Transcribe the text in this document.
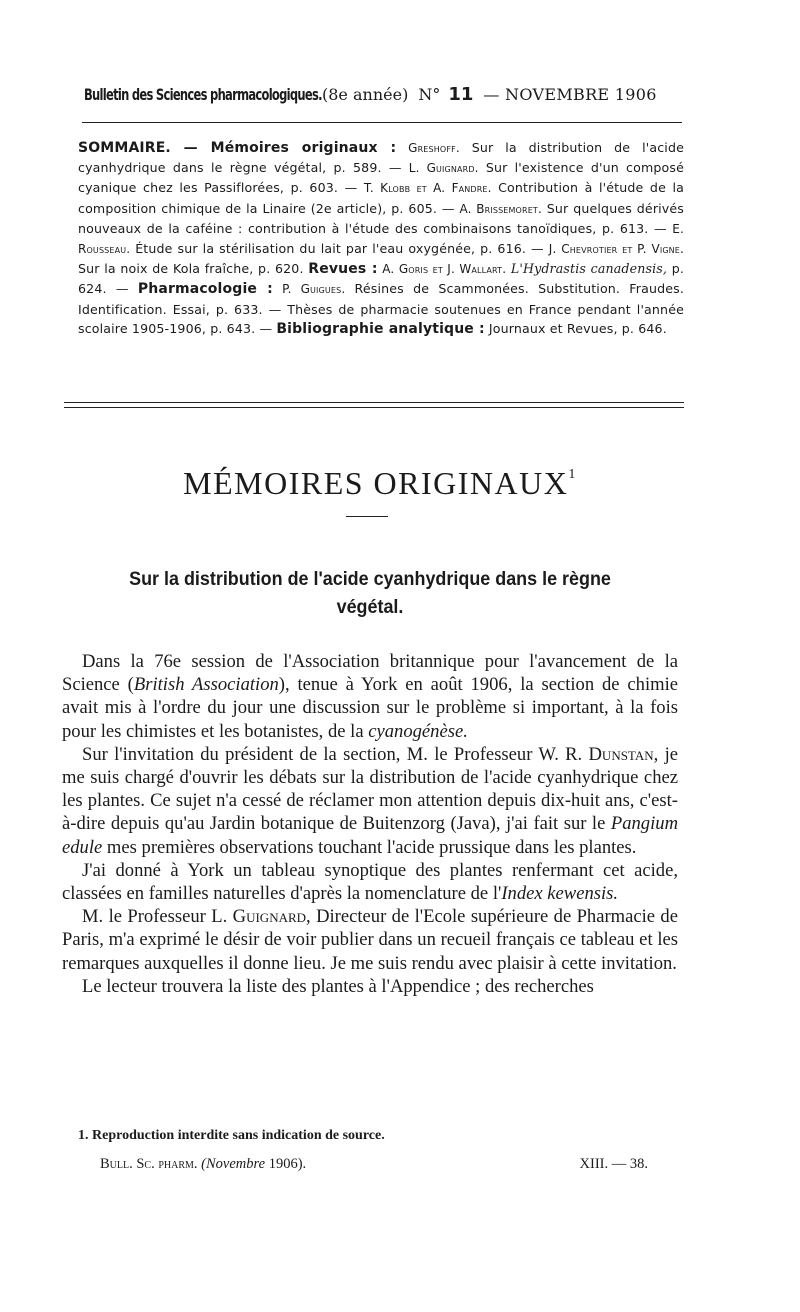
Bulletin des Sciences pharmacologiques. (8e année) N° 11 — NOVEMBRE 1906
SOMMAIRE. — Mémoires originaux : Greshoff. Sur la distribution de l'acide cyanhydrique dans le règne végétal, p. 589. — L. Guignard. Sur l'existence d'un composé cyanique chez les Passiflorées, p. 603. — T. Klobb et A. Fandre. Contribution à l'étude de la composition chimique de la Linaire (2e article), p. 605. — A. Brissemoret. Sur quelques dérivés nouveaux de la caféine : contribution à l'étude des combinaisons tanoïdiques, p. 613. — E. Rousseau. Étude sur la stérilisation du lait par l'eau oxygénée, p. 616. — J. Chevrotier et P. Vigne. Sur la noix de Kola fraîche, p. 620. Revues : A. Goris et J. Wallart. L'Hydrastis canadensis, p. 624. — Pharmacologie : P. Guigues. Résines de Scammonées. Substitution. Fraudes. Identification. Essai, p. 633. — Thèses de pharmacie soutenues en France pendant l'année scolaire 1905-1906, p. 643. — Bibliographie analytique : Journaux et Revues, p. 646.
MÉMOIRES ORIGINAUX$^1$
Sur la distribution de l'acide cyanhydrique dans le règne végétal.

Dans la 76e session de l'Association britannique pour l'avancement de la Science (British Association), tenue à York en août 1906, la section de chimie avait mis à l'ordre du jour une discussion sur le problème si important, à la fois pour les chimistes et les botanistes, de la cyanogénèse.

Sur l'invitation du président de la section, M. le Professeur W. R. Dunstan, je me suis chargé d'ouvrir les débats sur la distribution de l'acide cyanhydrique chez les plantes. Ce sujet n'a cessé de réclamer mon attention depuis dix-huit ans, c'est-à-dire depuis qu'au Jardin botanique de Buitenzorg (Java), j'ai fait sur le Pangium edule mes premières observations touchant l'acide prussique dans les plantes.

J'ai donné à York un tableau synoptique des plantes renfermant cet acide, classées en familles naturelles d'après la nomenclature de l'Index kewensis.

M. le Professeur L. Guignard, Directeur de l'Ecole supérieure de Pharmacie de Paris, m'a exprimé le désir de voir publier dans un recueil français ce tableau et les remarques auxquelles il donne lieu. Je me suis rendu avec plaisir à cette invitation.

Le lecteur trouvera la liste des plantes à l'Appendice ; des recherches

1. Reproduction interdite sans indication de source.
Bull. Sc. pharm. (Novembre 1906).	XIII. — 38.
